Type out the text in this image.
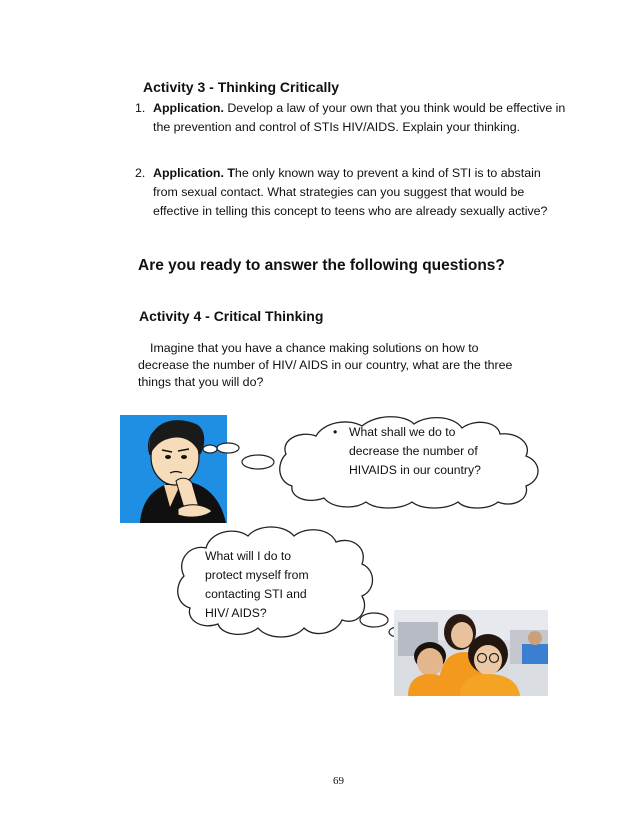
Activity 3 - Thinking Critically
1. Application. Develop a law of your own that you think would be effective in the prevention and control of STIs HIV/AIDS. Explain your thinking.
2. Application. The only known way to prevent a kind of STI is to abstain from sexual contact. What strategies can you suggest that would be effective in telling this concept to teens who are already sexually active?
Are you ready to answer the following questions?
Activity 4 - Critical Thinking
Imagine that you have a chance making solutions on how to decrease the number of HIV/ AIDS in our country, what are the three things that you will do?
• What shall we do to decrease the number of HIVAIDS in our country?
What will I do to protect myself from contacting STI and HIV/ AIDS?
69
